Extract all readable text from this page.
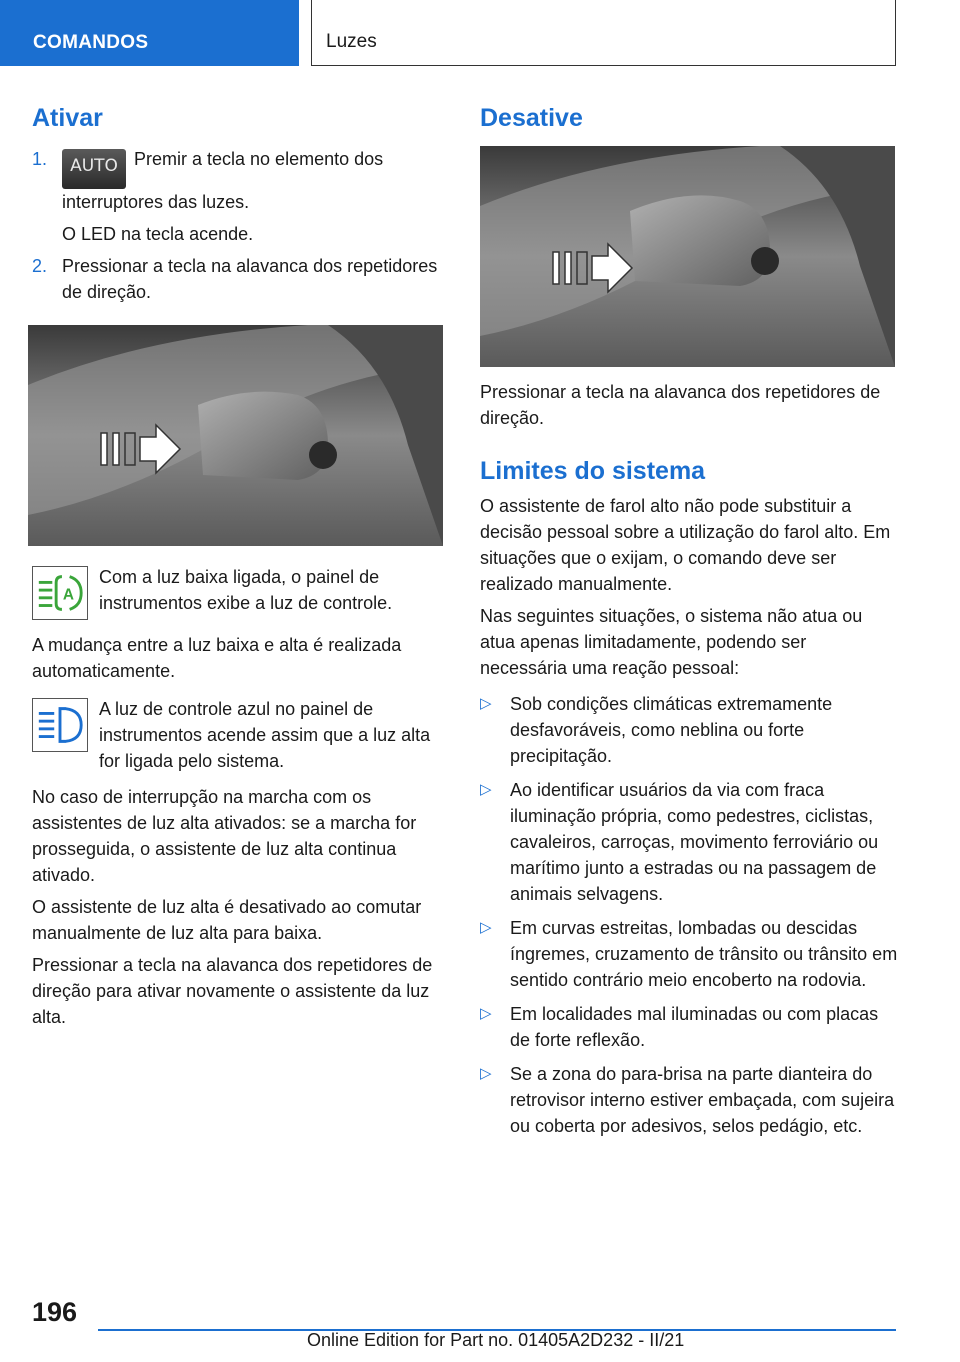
COMANDOS	Luzes
Ativar
1. AUTO Premir a tecla no elemento dos interruptores das luzes.
O LED na tecla acende.
2. Pressionar a tecla na alavanca dos repetidores de direção.
A

Com a luz baixa ligada, o painel de instrumentos exibe a luz de controle.

A mudança entre a luz baixa e alta é realizada automaticamente.

A luz de controle azul no painel de instrumentos acende assim que a luz alta for ligada pelo sistema.

No caso de interrupção na marcha com os assistentes de luz alta ativados: se a marcha for prosseguida, o assistente de luz alta continua ativado.

O assistente de luz alta é desativado ao comutar manualmente de luz alta para baixa.

Pressionar a tecla na alavanca dos repetidores de direção para ativar novamente o assistente da luz alta.

Desative

Pressionar a tecla na alavanca dos repetidores de direção.

Limites do sistema

O assistente de farol alto não pode substituir a decisão pessoal sobre a utilização do farol alto. Em situações que o exijam, o comando deve ser realizado manualmente.

Nas seguintes situações, o sistema não atua ou atua apenas limitadamente, podendo ser necessária uma reação pessoal:

▷ Sob condições climáticas extremamente desfavoráveis, como neblina ou forte precipitação.
▷ Ao identificar usuários da via com fraca iluminação própria, como pedestres, ciclistas, cavaleiros, carroças, movimento ferroviário ou marítimo junto a estradas ou na passagem de animais selvagens.
▷ Em curvas estreitas, lombadas ou descidas íngremes, cruzamento de trânsito ou trânsito em sentido contrário meio encoberto na rodovia.
▷ Em localidades mal iluminadas ou com placas de forte reflexão.
▷ Se a zona do para-brisa na parte dianteira do retrovisor interno estiver embaçada, com sujeira ou coberta por adesivos, selos pedágio, etc.
196
Online Edition for Part no. 01405A2D232 - II/21
